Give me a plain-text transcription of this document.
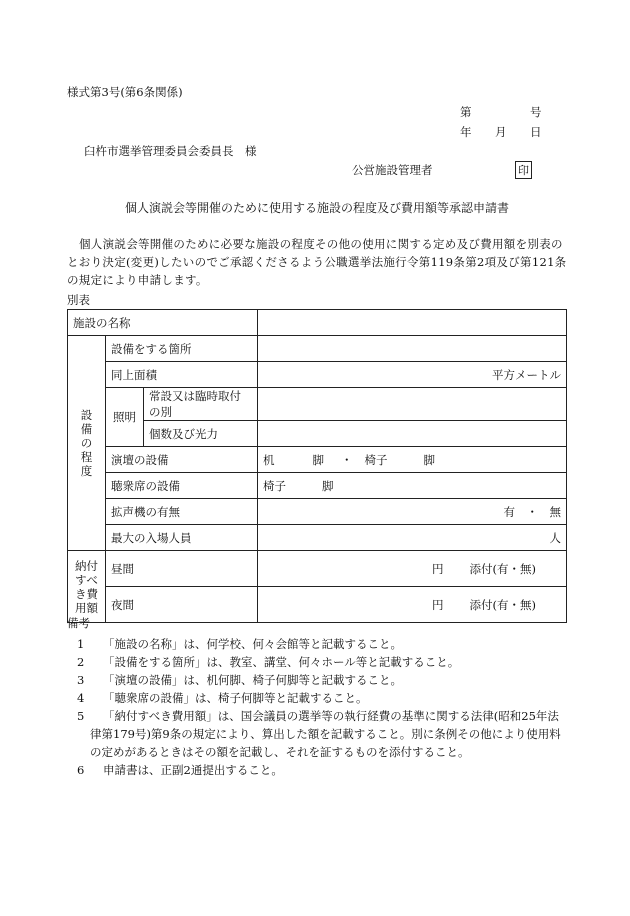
様式第3号(第6条関係)
第	号
年 月 日
臼杵市選挙管理委員会委員長　様
公営施設管理者	印
個人演説会等開催のために使用する施設の程度及び費用額等承認申請書
個人演説会等開催のために必要な施設の程度その他の使用に関する定め及び費用額を別表の
とおり決定(変更)したいのでご承認くださるよう公職選挙法施行令第119条第2項及び第121条
の規定により申請します。
別表
施設の名称			

設
備
の
程
度	設備をする箇所		
	同上面積		平方メートル
	照明	常設又は臨時取付の別	
		個数及び光力	
	演壇の設備		机 脚 ・ 椅子 脚
	聴衆席の設備		椅子 脚
	拡声機の有無		有　・　無
	最大の入場人員		人

納付
すべ
き費
用額	昼間		円 添付(有・無)
	夜間		円 添付(有・無)
備考
1 「施設の名称」は、何学校、何々会館等と記載すること。
2 「設備をする箇所」は、教室、講堂、何々ホール等と記載すること。
3 「演壇の設備」は、机何脚、椅子何脚等と記載すること。
4 「聴衆席の設備」は、椅子何脚等と記載すること。
5 「納付すべき費用額」は、国会議員の選挙等の執行経費の基準に関する法律(昭和25年法
律第179号)第9条の規定により、算出した額を記載すること。別に条例その他により使用料
の定めがあるときはその額を記載し、それを証するものを添付すること。
6 申請書は、正副2通提出すること。
